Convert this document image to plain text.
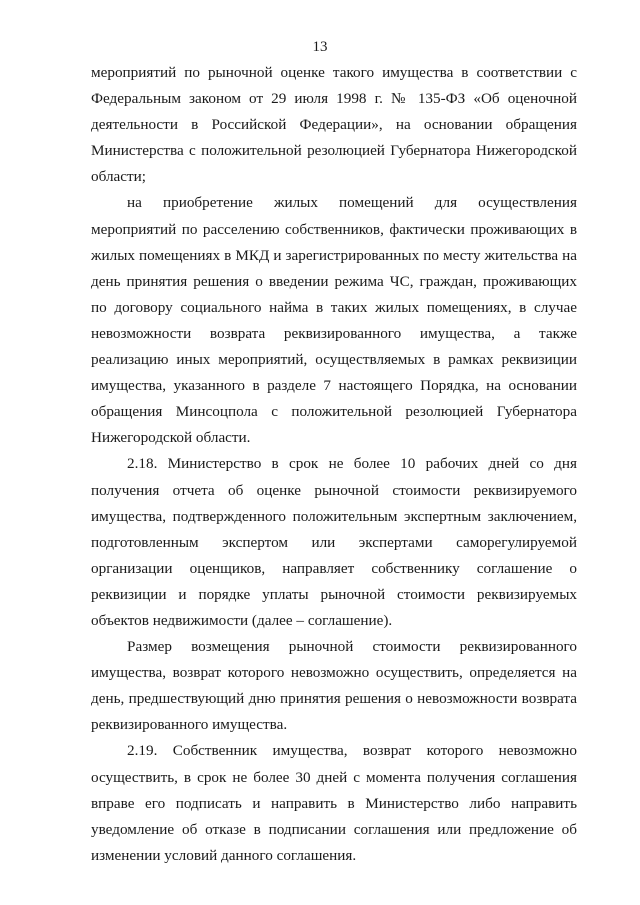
13

мероприятий по рыночной оценке такого имущества в соответствии с Федеральным законом от 29 июля 1998 г. № 135-ФЗ «Об оценочной деятельности в Российской Федерации», на основании обращения Министерства с положительной резолюцией Губернатора Нижегородской области;

на приобретение жилых помещений для осуществления мероприятий по расселению собственников, фактически проживающих в жилых помещениях в МКД и зарегистрированных по месту жительства на день принятия решения о введении режима ЧС, граждан, проживающих по договору социального найма в таких жилых помещениях, в случае невозможности возврата реквизированного имущества, а также реализацию иных мероприятий, осуществляемых в рамках реквизиции имущества, указанного в разделе 7 настоящего Порядка, на основании обращения Минсоцпола с положительной резолюцией Губернатора Нижегородской области.

2.18. Министерство в срок не более 10 рабочих дней со дня получения отчета об оценке рыночной стоимости реквизируемого имущества, подтвержденного положительным экспертным заключением, подготовленным экспертом или экспертами саморегулируемой организации оценщиков, направляет собственнику соглашение о реквизиции и порядке уплаты рыночной стоимости реквизируемых объектов недвижимости (далее – соглашение).

Размер возмещения рыночной стоимости реквизированного имущества, возврат которого невозможно осуществить, определяется на день, предшествующий дню принятия решения о невозможности возврата реквизированного имущества.

2.19. Собственник имущества, возврат которого невозможно осуществить, в срок не более 30 дней с момента получения соглашения вправе его подписать и направить в Министерство либо направить уведомление об отказе в подписании соглашения или предложение об изменении условий данного соглашения.
